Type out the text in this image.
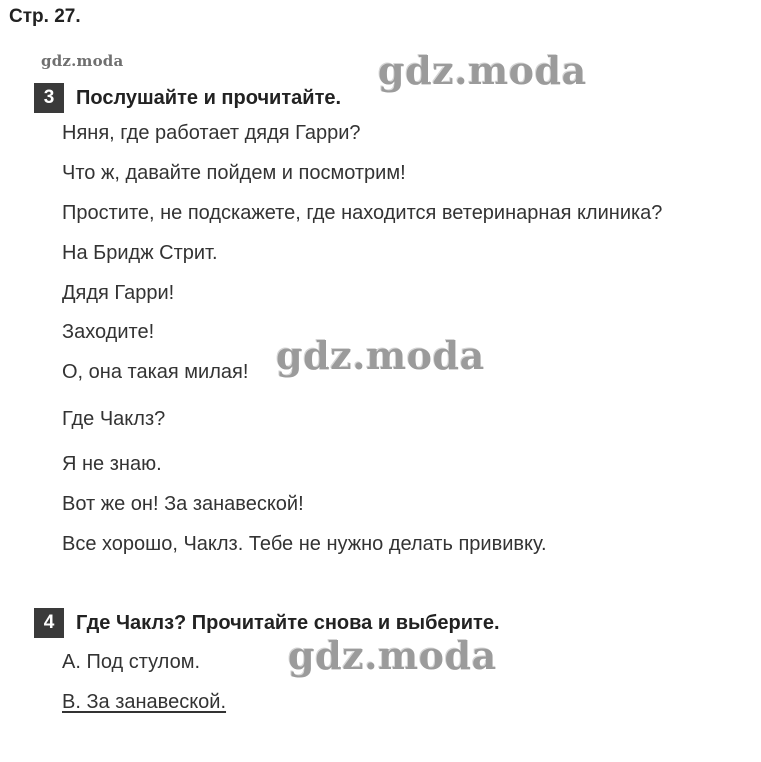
Стр. 27.
gdz.moda	gdz.moda
3	Послушайте и прочитайте.
Няня, где работает дядя Гарри?
Что ж, давайте пойдем и посмотрим!
Простите, не подскажете, где находится ветеринарная клиника?
На Бридж Стрит.
Дядя Гарри!
Заходите!
О, она такая милая!
Где Чаклз?
Я не знаю.
Вот же он! За занавеской!
Все хорошо, Чаклз. Тебе не нужно делать прививку.
gdz.moda
4	Где Чаклз? Прочитайте снова и выберите.
A. Под стулом.
B. За занавеской.
gdz.moda
